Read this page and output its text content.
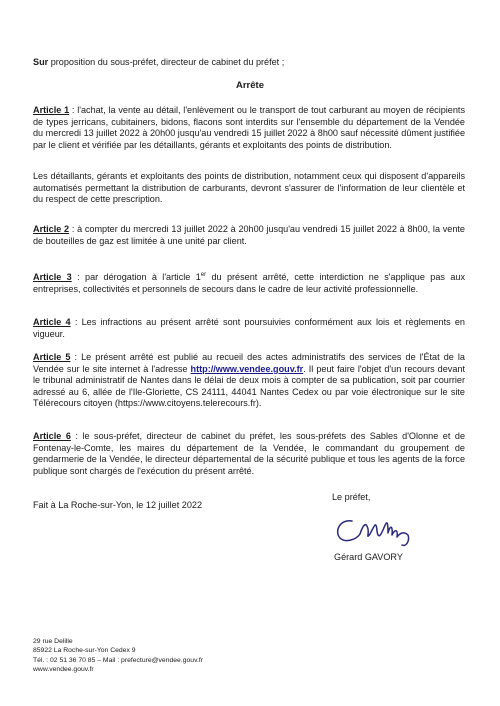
Sur proposition du sous-préfet, directeur de cabinet du préfet ;

Arrête

Article 1 : l'achat, la vente au détail, l'enlèvement ou le transport de tout carburant au moyen de récipients de types jerricans, cubitainers, bidons, flacons sont interdits sur l'ensemble du département de la Vendée du mercredi 13 juillet 2022 à 20h00 jusqu'au vendredi 15 juillet 2022 à 8h00 sauf nécessité dûment justifiée par le client et vérifiée par les détaillants, gérants et exploitants des points de distribution.

Les détaillants, gérants et exploitants des points de distribution, notamment ceux qui disposent d'appareils automatisés permettant la distribution de carburants, devront s'assurer de l'information de leur clientèle et du respect de cette prescription.

Article 2 : à compter du mercredi 13 juillet 2022 à 20h00 jusqu'au vendredi 15 juillet 2022 à 8h00, la vente de bouteilles de gaz est limitée à une unité par client.

Article 3 : par dérogation à l'article 1er du présent arrêté, cette interdiction ne s'applique pas aux entreprises, collectivités et personnels de secours dans le cadre de leur activité professionnelle.

Article 4 : Les infractions au présent arrêté sont poursuivies conformément aux lois et règlements en vigueur.

Article 5 : Le présent arrêté est publié au recueil des actes administratifs des services de l'État de la Vendée sur le site internet à l'adresse http://www.vendee.gouv.fr. Il peut faire l'objet d'un recours devant le tribunal administratif de Nantes dans le délai de deux mois à compter de sa publication, soit par courrier adressé au 6, allée de l'Ile-Gloriette, CS 24111, 44041 Nantes Cedex ou par voie électronique sur le site Télérecours citoyen (https://www.citoyens.telerecours.fr).

Article 6 : le sous-préfet, directeur de cabinet du préfet, les sous-préfets des Sables d'Olonne et de Fontenay-le-Comte, les maires du département de la Vendée, le commandant du groupement de gendarmerie de la Vendée, le directeur départemental de la sécurité publique et tous les agents de la force publique sont chargés de l'exécution du présent arrêté.

Fait à La Roche-sur-Yon, le 12 juillet 2022

Le préfet,
Gérard GAVORY
29 rue Delille
85922 La Roche-sur-Yon Cedex 9
Tél. : 02 51 36 70 85 – Mail : prefecture@vendee.gouv.fr
www.vendee.gouv.fr
